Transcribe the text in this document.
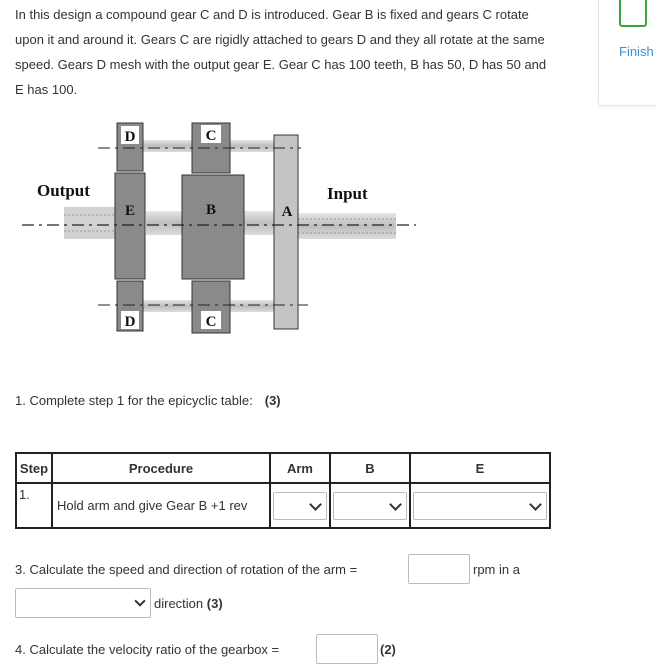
In this design a compound gear C and D is introduced. Gear B is fixed and gears C rotate upon it and around it. Gears C are rigidly attached to gears D and they all rotate at the same speed. Gears D mesh with the output gear E. Gear C has 100 teeth, B has 50, D has 50 and E has 100.

Finish
D	C
Output
E	B	A
Input
D	C
1. Complete step 1 for the epicyclic table: (3)
Step	Procedure	Arm	B	E
1.	Hold arm and give Gear B +1 rev	

3. Calculate the speed and direction of rotation of the arm =	rpm in a
direction (3)
4. Calculate the velocity ratio of the gearbox =	(2)
